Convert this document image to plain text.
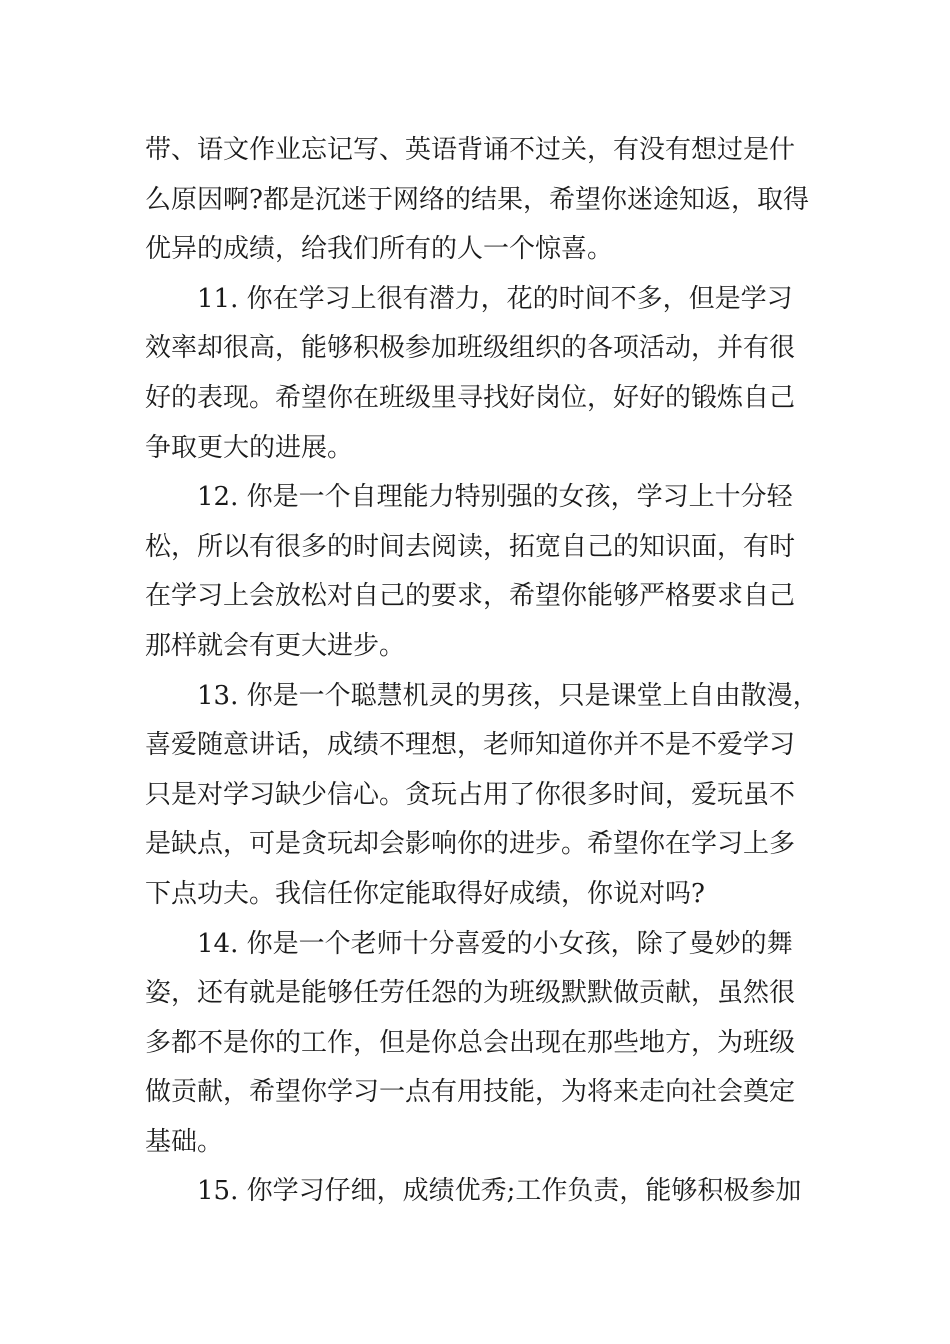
带、语文作业忘记写、英语背诵不过关，有没有想过是什
么原因啊?都是沉迷于网络的结果，希望你迷途知返，取得
优异的成绩，给我们所有的人一个惊喜。
11. 你在学习上很有潜力，花的时间不多，但是学习
效率却很高，能够积极参加班级组织的各项活动，并有很
好的表现。希望你在班级里寻找好岗位，好好的锻炼自己
争取更大的进展。
12. 你是一个自理能力特别强的女孩，学习上十分轻
松，所以有很多的时间去阅读，拓宽自己的知识面，有时
在学习上会放松对自己的要求，希望你能够严格要求自己
那样就会有更大进步。
13. 你是一个聪慧机灵的男孩，只是课堂上自由散漫，
喜爱随意讲话，成绩不理想，老师知道你并不是不爱学习
只是对学习缺少信心。贪玩占用了你很多时间，爱玩虽不
是缺点，可是贪玩却会影响你的进步。希望你在学习上多
下点功夫。我信任你定能取得好成绩，你说对吗?
14. 你是一个老师十分喜爱的小女孩，除了曼妙的舞
姿，还有就是能够任劳任怨的为班级默默做贡献，虽然很
多都不是你的工作，但是你总会出现在那些地方，为班级
做贡献，希望你学习一点有用技能，为将来走向社会奠定
基础。
15. 你学习仔细，成绩优秀;工作负责，能够积极参加
